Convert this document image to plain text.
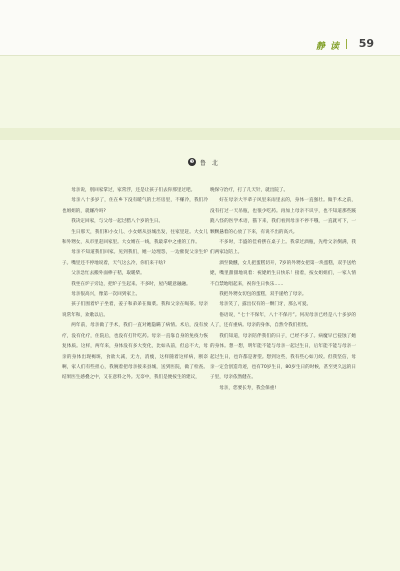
静 读 59
❸ 鲁 北

母亲说，别回家掌过，家常浮，还是让孩子们去你那里过吧。

母亲八十多岁了，住在乡下没有暖气的土坯房里，不赚冷，我们冷也姐姐的，就嫌冷吗?

我决定回家，与父母一起过腊八个岁的生日。

生日那天，我们和小女儿、小女婿从县城出发，往家里赶。大女儿和外甥女，从市里赶回家里。大女婿在一线，我最拿中之重的工作。

母亲不知道我们回家。见到我们，她一边埋怨，一边催促父亲生炉子。嘴里还不停地说着，天气这么冷，你们来干啥?

父亲急忙去搬外面棒子秸，取暖柴。

我坐在炉子旁边，把炉子生起来。不多时，屋内暖意融融。

母亲很高兴，像第一次回到家上。

孩子们围着炉子坐着，姜子和弟弟在做菜。我和父亲在喝茶。母亲说常年和，欢歌以后。

两年前，母亲做了手术，我们一直对她隐瞒了病情。术后，没有放疗，没有化疗，住院后，也没有打针吃药。母亲一直靠自身的免疫力恢复体质。这样，两年来，身体没有多大变化，比如从前，但总不大，母亲的身体出现褐斑，食欲大减，无力，消瘦，这样随着这样病，断奈啊，家人们有些担心，我婉着把母亲接来县城，送到医院，做了检查。结果医生感叠之中，又在意料之外。无奈中，我们是便按生的建议，

晚保守治疗，打了几天针，就出院了。

好在母亲大半辈子风里来雨里去的，身体一直强壮。做手术之前，没有打过一天吊瓶，也很少吃药。再加上母亲不识字，也不知道那些蹊跷八怪的医学术语，猫下来，我们看到母亲不停不哦，一直就可下，一颗颗悬着的心放了下来，有说不出的高兴。

不多时，丰盛的佳肴摆在桌子上。我拿过酒瓶，先给父亲倒满，我们两家边陪上。

酒至微醺，女儿把蛋糕切开，7岁的外甥女把第一块蛋糕，双手送给姥，嘴里甜甜地说着：祝姥奶生日快乐！接着，按女姐姐们，一家人情不自禁地唱起来，祝你生日快乐……

我把外甥女切包的蛋糕，双手递给了母亲。

母亲笑了，露出仅有的一颗门牙，那么可爱。

俗语说，“七十不保年，八十不保月”。何况母亲已经是八十多岁的人了，还有重病。母亲的身体，自然令我们担忧。

我们知道，母亲陪伴我们的日子，已经不多了。病魔早已侵蚀了她的身体。想一想，明年能不能与母亲一起过生日，后年能不能与母亲一起过生日，也许都是奢望。想到这些，我有些心如刀绞。但我坚信，母亲一定会创造奇迹，也有70岁生日，80岁生日的时候，甚至更久远的日子里，母亲依然健在。

母亲，您要长寿，我会保重!
